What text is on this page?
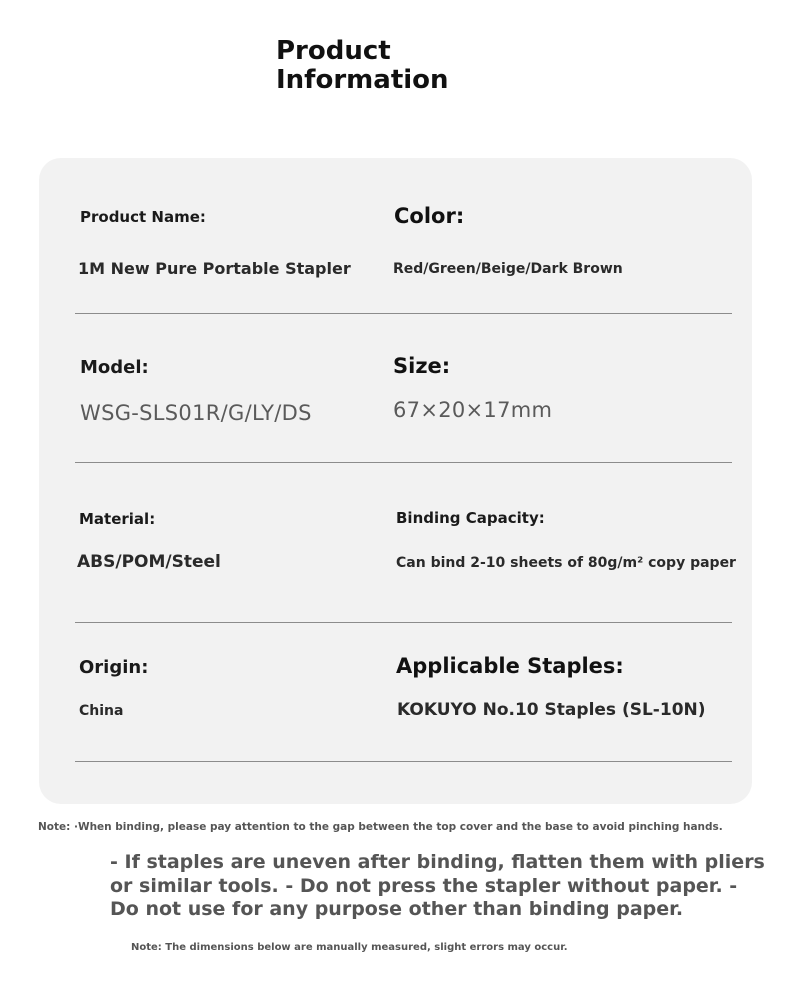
Product Information
Product Name:
1M New Pure Portable Stapler
Color:
Red/Green/Beige/Dark Brown
Model:
WSG-SLS01R/G/LY/DS
Size:
67×20×17mm
Material:
ABS/POM/Steel
Binding Capacity:
Can bind 2-10 sheets of 80g/m² copy paper
Origin:
China
Applicable Staples:
KOKUYO No.10 Staples (SL-10N)
Note: ·When binding, please pay attention to the gap between the top cover and the base to avoid pinching hands.
- If staples are uneven after binding, flatten them with pliers or similar tools. - Do not press the stapler without paper. - Do not use for any purpose other than binding paper.
Note: The dimensions below are manually measured, slight errors may occur.
